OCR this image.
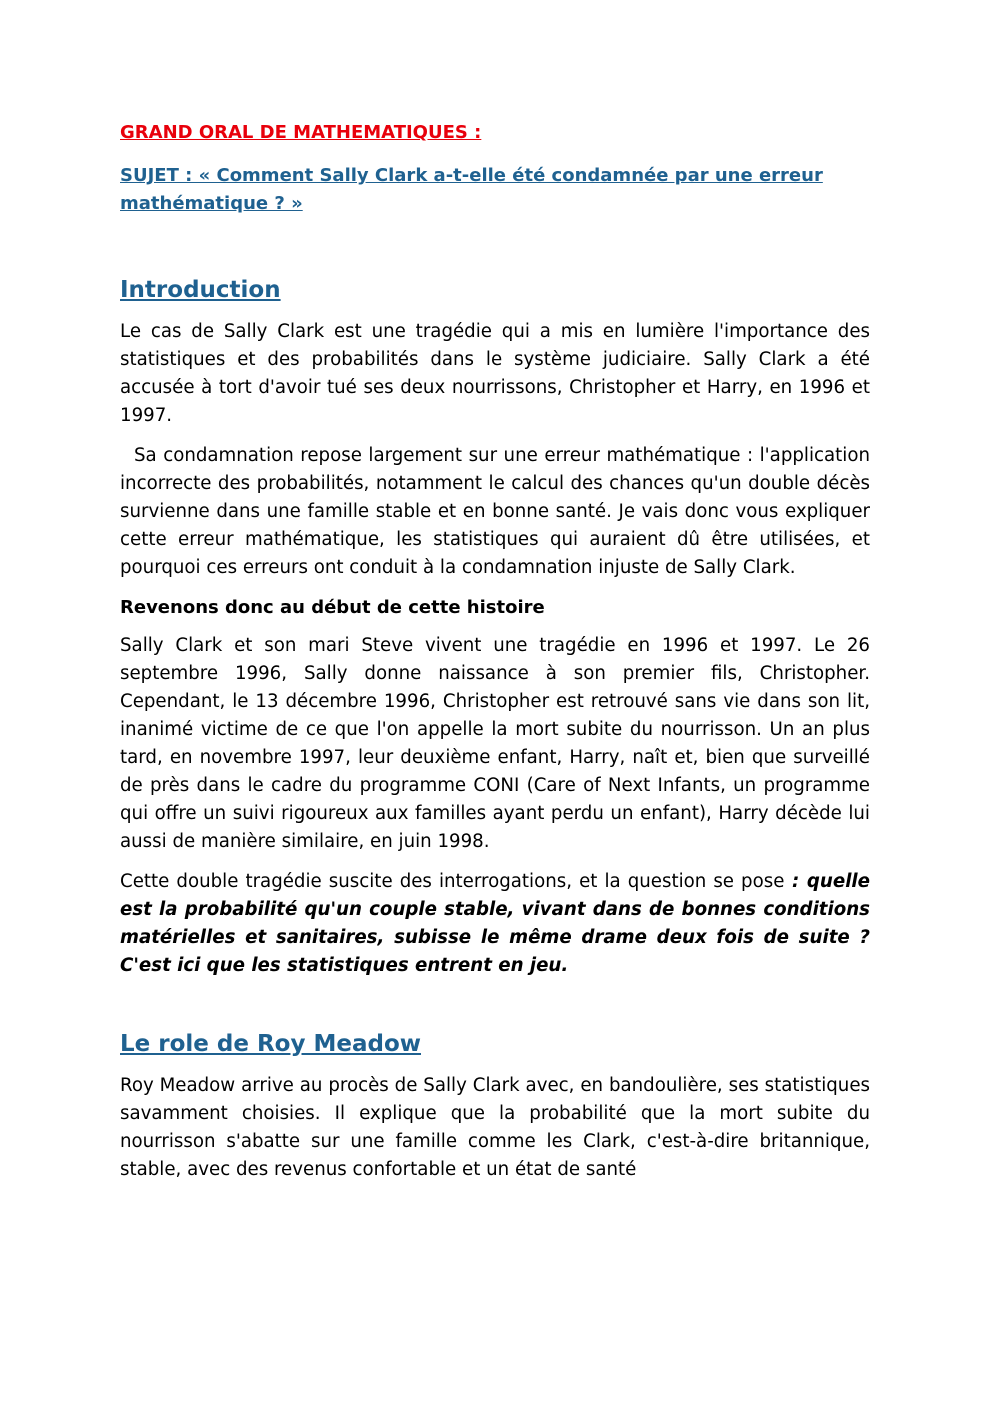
GRAND ORAL DE MATHEMATIQUES :
SUJET : « Comment Sally Clark a-t-elle été condamnée par une erreur mathématique ? »
Introduction

Le cas de Sally Clark est une tragédie qui a mis en lumière l'importance des statistiques et des probabilités dans le système judiciaire. Sally Clark a été accusée à tort d'avoir tué ses deux nourrissons, Christopher et Harry, en 1996 et 1997.

Sa condamnation repose largement sur une erreur mathématique : l'application incorrecte des probabilités, notamment le calcul des chances qu'un double décès survienne dans une famille stable et en bonne santé. Je vais donc vous expliquer cette erreur mathématique, les statistiques qui auraient dû être utilisées, et pourquoi ces erreurs ont conduit à la condamnation injuste de Sally Clark.

Revenons donc au début de cette histoire

Sally Clark et son mari Steve vivent une tragédie en 1996 et 1997. Le 26 septembre 1996, Sally donne naissance à son premier fils, Christopher. Cependant, le 13 décembre 1996, Christopher est retrouvé sans vie dans son lit, inanimé victime de ce que l'on appelle la mort subite du nourrisson. Un an plus tard, en novembre 1997, leur deuxième enfant, Harry, naît et, bien que surveillé de près dans le cadre du programme CONI (Care of Next Infants, un programme qui offre un suivi rigoureux aux familles ayant perdu un enfant), Harry décède lui aussi de manière similaire, en juin 1998.

Cette double tragédie suscite des interrogations, et la question se pose : quelle est la probabilité qu'un couple stable, vivant dans de bonnes conditions matérielles et sanitaires, subisse le même drame deux fois de suite ? C'est ici que les statistiques entrent en jeu.

Le role de Roy Meadow

Roy Meadow arrive au procès de Sally Clark avec, en bandoulière, ses statistiques savamment choisies. Il explique que la probabilité que la mort subite du nourrisson s'abatte sur une famille comme les Clark, c'est-à-dire britannique, stable, avec des revenus confortable et un état de santé
